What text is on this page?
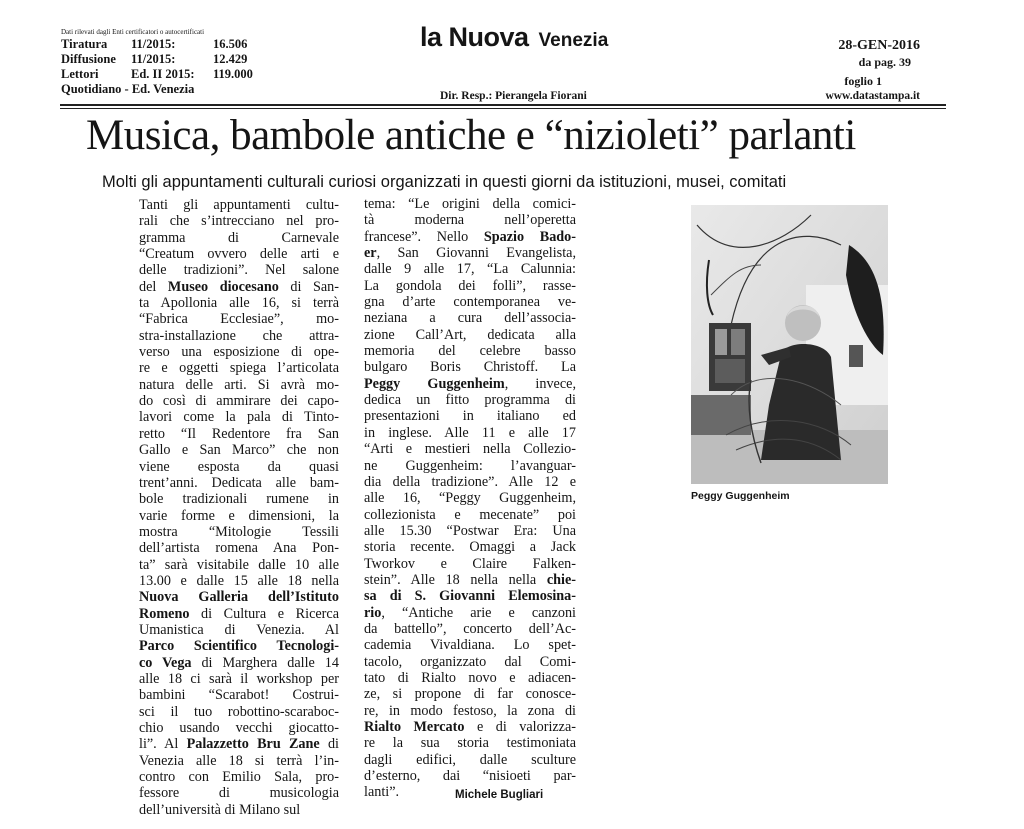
Dati rilevati dagli Enti certificatori o autocertificati
Tiratura 11/2015:	16.506
Diffusione 11/2015:	12.429
Lettori	Ed. II 2015: 119.000
Quotidiano - Ed. Venezia
la Nuova Venezia
Dir. Resp.: Pierangela Fiorani
28-GEN-2016
da pag. 39
foglio 1
www.datastampa.it
Musica, bambole antiche e “nizioleti” parlanti
Molti gli appuntamenti culturali curiosi organizzati in questi giorni da istituzioni, musei, comitati
Tanti gli appuntamenti cultu-
rali che s’intrecciano nel pro-
gramma di Carnevale
“Creatum ovvero delle arti e
delle tradizioni”. Nel salone
del Museo diocesano di San-
ta Apollonia alle 16, si terrà
“Fabrica Ecclesiae”, mo-
stra-installazione che attra-
verso una esposizione di ope-
re e oggetti spiega l’articolata
natura delle arti. Si avrà mo-
do così di ammirare dei capo-
lavori come la pala di Tinto-
retto “Il Redentore fra San
Gallo e San Marco” che non
viene esposta da quasi
trent’anni. Dedicata alle bam-
bole tradizionali rumene in
varie forme e dimensioni, la
mostra “Mitologie Tessili
dell’artista romena Ana Pon-
ta” sarà visitabile dalle 10 alle
13.00 e dalle 15 alle 18 nella
Nuova Galleria dell’Istituto
Romeno di Cultura e Ricerca
Umanistica di Venezia. Al
Parco Scientifico Tecnologi-
co Vega di Marghera dalle 14
alle 18 ci sarà il workshop per
bambini “Scarabot! Costrui-
sci il tuo robottino-scaraboc-
chio usando vecchi giocatto-
li”. Al Palazzetto Bru Zane di
Venezia alle 18 si terrà l’in-
contro con Emilio Sala, pro-
fessore di musicologia
dell’università di Milano sul
tema: “Le origini della comici-
tà moderna nell’operetta
francese”. Nello Spazio Bado-
er, San Giovanni Evangelista,
dalle 9 alle 17, “La Calunnia:
La gondola dei folli”, rasse-
gna d’arte contemporanea ve-
neziana a cura dell’associa-
zione Call’Art, dedicata alla
memoria del celebre basso
bulgaro Boris Christoff. La
Peggy Guggenheim, invece,
dedica un fitto programma di
presentazioni in italiano ed
in inglese. Alle 11 e alle 17
“Arti e mestieri nella Collezio-
ne Guggenheim: l’avanguar-
dia della tradizione”. Alle 12 e
alle 16, “Peggy Guggenheim,
collezionista e mecenate” poi
alle 15.30 “Postwar Era: Una
storia recente. Omaggi a Jack
Tworkov e Claire Falken-
stein”. Alle 18 nella nella chie-
sa di S. Giovanni Elemosina-
rio, “Antiche arie e canzoni
da battello”, concerto dell’Ac-
cademia Vivaldiana. Lo spet-
tacolo, organizzato dal Comi-
tato di Rialto novo e adiacen-
ze, si propone di far conosce-
re, in modo festoso, la zona di
Rialto Mercato e di valorizza-
re la sua storia testimoniata
dagli edifici, dalle sculture
d’esterno, dai “nisioeti par-
lanti”.	Michele Bugliari
Peggy Guggenheim
